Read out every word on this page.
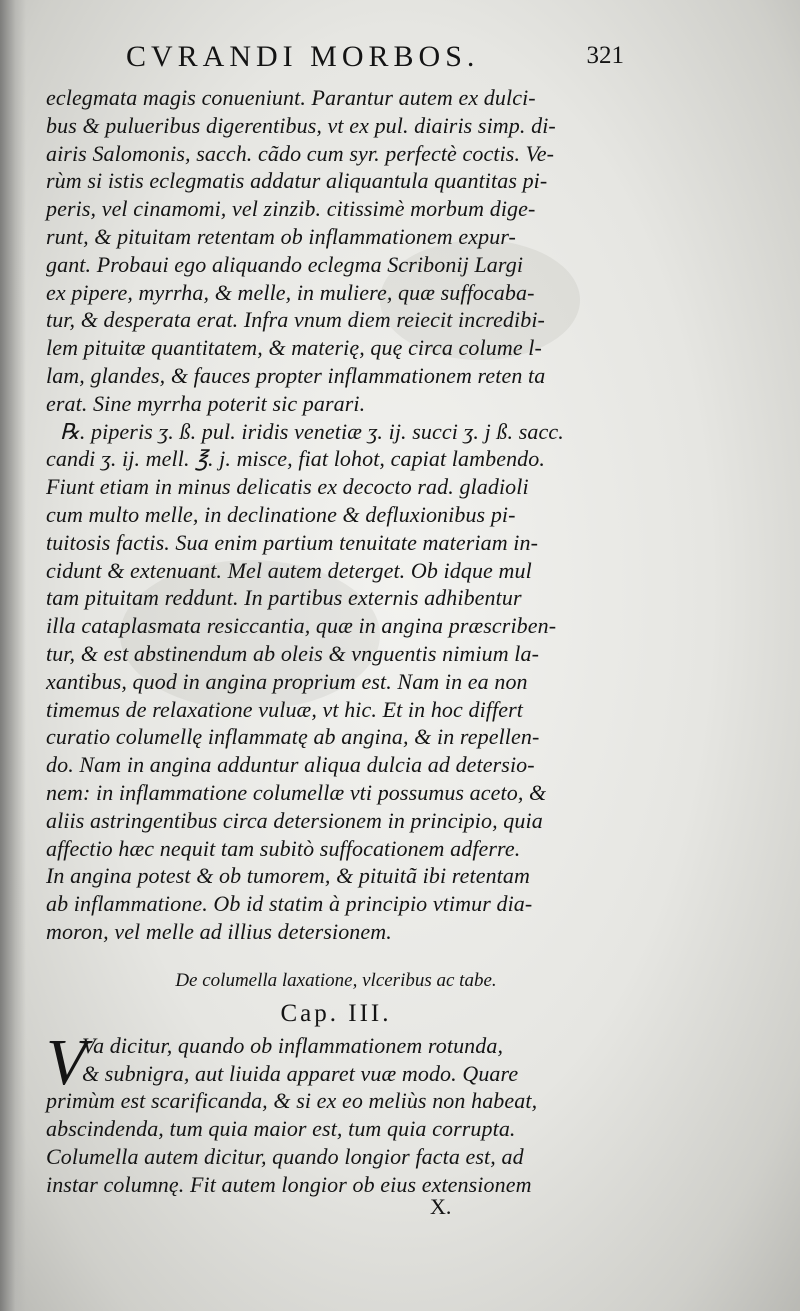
CVRANDI MORBOS.	321
eclegmata magis conueniunt. Parantur autem ex dulci-
bus & pulueribus digerentibus, vt ex pul. diairis simp. di-
airis Salomonis, sacch. cãdo cum syr. perfectè coctis. Ve-
rùm si istis eclegmatis addatur aliquantula quantitas pi-
peris, vel cinamomi, vel zinzib. citissimè morbum dige-
runt, & pituitam retentam ob inflammationem expur-
gant. Probaui ego aliquando eclegma Scribonij Largi
ex pipere, myrrha, & melle, in muliere, quæ suffocaba-
tur, & desperata erat. Infra vnum diem reiecit incredibi-
lem pituitæ quantitatem, & materię, quę circa colume l-
lam, glandes, & fauces propter inflammationem reten ta
erat. Sine myrrha poterit sic parari.
℞. piperis ʒ. ß. pul. iridis venetiæ ʒ. ij. succi ʒ. j ß. sacc.
candi ʒ. ij. mell. ℥. j. misce, fiat lohot, capiat lambendo.
Fiunt etiam in minus delicatis ex decocto rad. gladioli
cum multo melle, in declinatione & defluxionibus pi-
tuitosis factis. Sua enim partium tenuitate materiam in-
cidunt & extenuant. Mel autem deterget. Ob idque mul
tam pituitam reddunt. In partibus externis adhibentur
illa cataplasmata resiccantia, quæ in angina præscriben-
tur, & est abstinendum ab oleis & vnguentis nimium la-
xantibus, quod in angina proprium est. Nam in ea non
timemus de relaxatione vuluæ, vt hic. Et in hoc differt
curatio columellę inflammatę ab angina, & in repellen-
do. Nam in angina adduntur aliqua dulcia ad detersio-
nem: in inflammatione columellæ vti possumus aceto, &
aliis astringentibus circa detersionem in principio, quia
affectio hæc nequit tam subitò suffocationem adferre.
In angina potest & ob tumorem, & pituitã ibi retentam
ab inflammatione. Ob id statim à principio vtimur dia-
moron, vel melle ad illius detersionem.
De columella laxatione, vlceribus ac tabe.
Cap. III.
V
Va dicitur, quando ob inflammationem rotunda,
& subnigra, aut liuida apparet vuæ modo. Quare
primùm est scarificanda, & si ex eo meliùs non habeat,
abscindenda, tum quia maior est, tum quia corrupta.
Columella autem dicitur, quando longior facta est, ad
instar columnę. Fit autem longior ob eius extensionem
X.
